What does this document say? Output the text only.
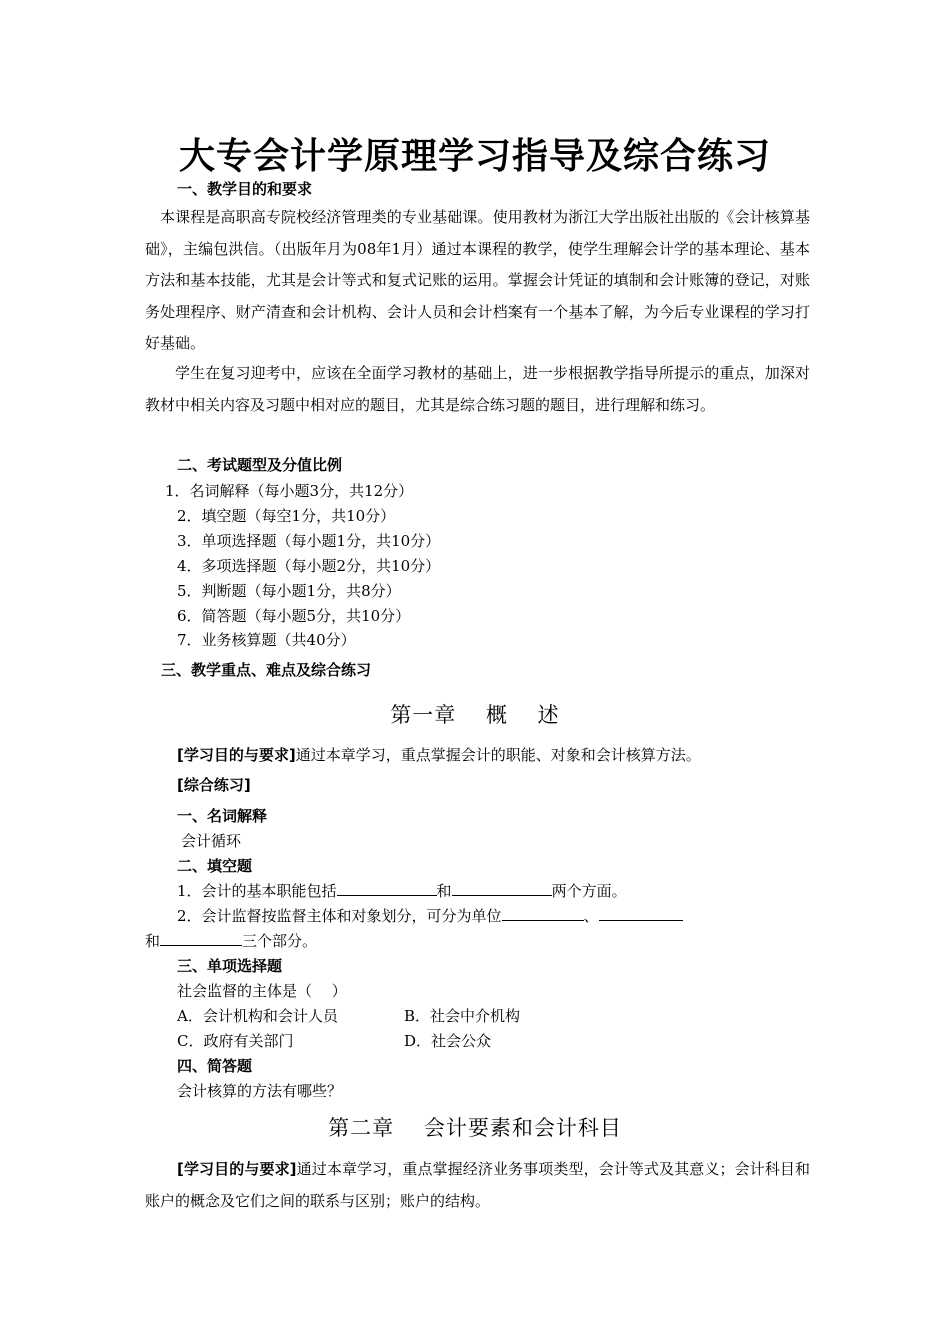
大专会计学原理学习指导及综合练习
一、教学目的和要求
本课程是高职高专院校经济管理类的专业基础课。使用教材为浙江大学出版社出版的《会计核算基础》，主编包洪信。（出版年月为08年1月）通过本课程的教学，使学生理解会计学的基本理论、基本方法和基本技能，尤其是会计等式和复式记账的运用。掌握会计凭证的填制和会计账簿的登记，对账务处理程序、财产清查和会计机构、会计人员和会计档案有一个基本了解，为今后专业课程的学习打好基础。
学生在复习迎考中，应该在全面学习教材的基础上，进一步根据教学指导所提示的重点，加深对教材中相关内容及习题中相对应的题目，尤其是综合练习题的题目，进行理解和练习。
二、考试题型及分值比例
1．名词解释（每小题3分，共12分）
2．填空题（每空1分，共10分）
3．单项选择题（每小题1分，共10分）
4．多项选择题（每小题2分，共10分）
5．判断题（每小题1分，共8分）
6．简答题（每小题5分，共10分）
7．业务核算题（共40分）
三、教学重点、难点及综合练习
第一章　 概　 述
[学习目的与要求]通过本章学习，重点掌握会计的职能、对象和会计核算方法。
[综合练习]
一、名词解释
会计循环
二、填空题
1．会计的基本职能包括	和	两个方面。
2．会计监督按监督主体和对象划分，可分为单位	、
和	三个部分。
三、单项选择题
社会监督的主体是（　 ）
A．会计机构和会计人员	B．社会中介机构
C．政府有关部门	D．社会公众
四、简答题
会计核算的方法有哪些？
第二章　 会计要素和会计科目
[学习目的与要求]通过本章学习，重点掌握经济业务事项类型，会计等式及其意义；会计科目和账户的概念及它们之间的联系与区别；账户的结构。
